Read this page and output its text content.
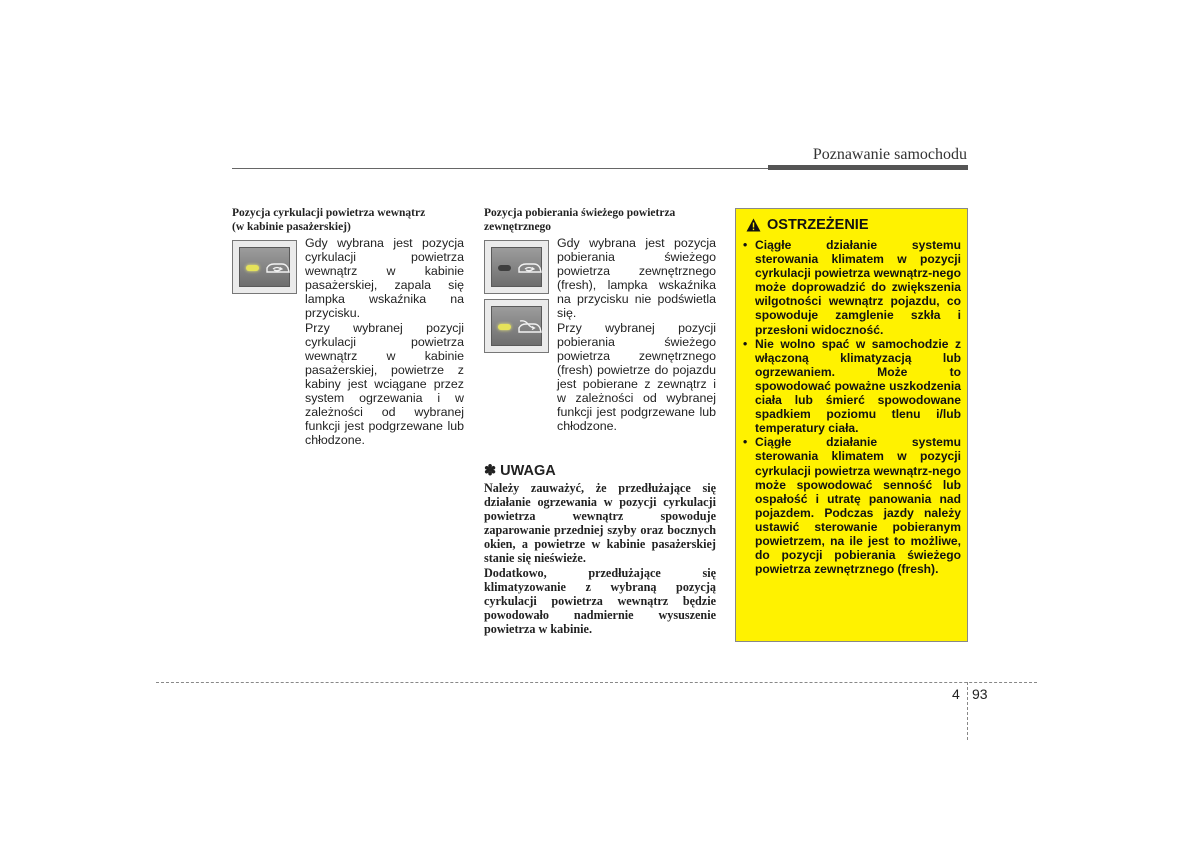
Poznawanie samochodu
Pozycja cyrkulacji powietrza wewnątrz
(w kabinie pasażerskiej)

Gdy wybrana jest pozycja cyrkulacji powietrza wewnątrz w kabinie pasażerskiej, zapala się lampka wskaźnika na przycisku.

Przy wybranej pozycji cyrkulacji powietrza wewnątrz w kabinie pasażerskiej, powietrze z kabiny jest wciągane przez system ogrzewania i w zależności od wybranej funkcji jest podgrzewane lub chłodzone.

Pozycja pobierania świeżego powietrza
zewnętrznego

Gdy wybrana jest pozycja pobierania świeżego powietrza zewnętrznego (fresh), lampka wskaźnika na przycisku nie podświetla się.

Przy wybranej pozycji pobierania świeżego powietrza zewnętrznego (fresh) powietrze do pojazdu jest pobierane z zewnątrz i w zależności od wybranej funkcji jest podgrzewane lub chłodzone.

✽ UWAGA

Należy zauważyć, że przedłużające się działanie ogrzewania w pozycji cyrkulacji powietrza wewnątrz spowoduje zaparowanie przedniej szyby oraz bocznych okien, a powietrze w kabinie pasażerskiej stanie się nieświeże.

Dodatkowo, przedłużające się klimatyzowanie z wybraną pozycją cyrkulacji powietrza wewnątrz będzie powodowało nadmiernie wysuszenie powietrza w kabinie.

OSTRZEŻENIE
• Ciągłe działanie systemu sterowania klimatem w pozycji cyrkulacji powietrza wewnątrz-nego może doprowadzić do zwiększenia wilgotności wewnątrz pojazdu, co spowoduje zamglenie szkła i przesłoni widoczność.
• Nie wolno spać w samochodzie z włączoną klimatyzacją lub ogrzewaniem. Może to spowodować poważne uszkodzenia ciała lub śmierć spowodowane spadkiem poziomu tlenu i/lub temperatury ciała.
• Ciągłe działanie systemu sterowania klimatem w pozycji cyrkulacji powietrza wewnątrz-nego może spowodować senność lub ospałość i utratę panowania nad pojazdem. Podczas jazdy należy ustawić sterowanie pobieranym powietrzem, na ile jest to możliwe, do pozycji pobierania świeżego powietrza zewnętrznego (fresh).
4 93
